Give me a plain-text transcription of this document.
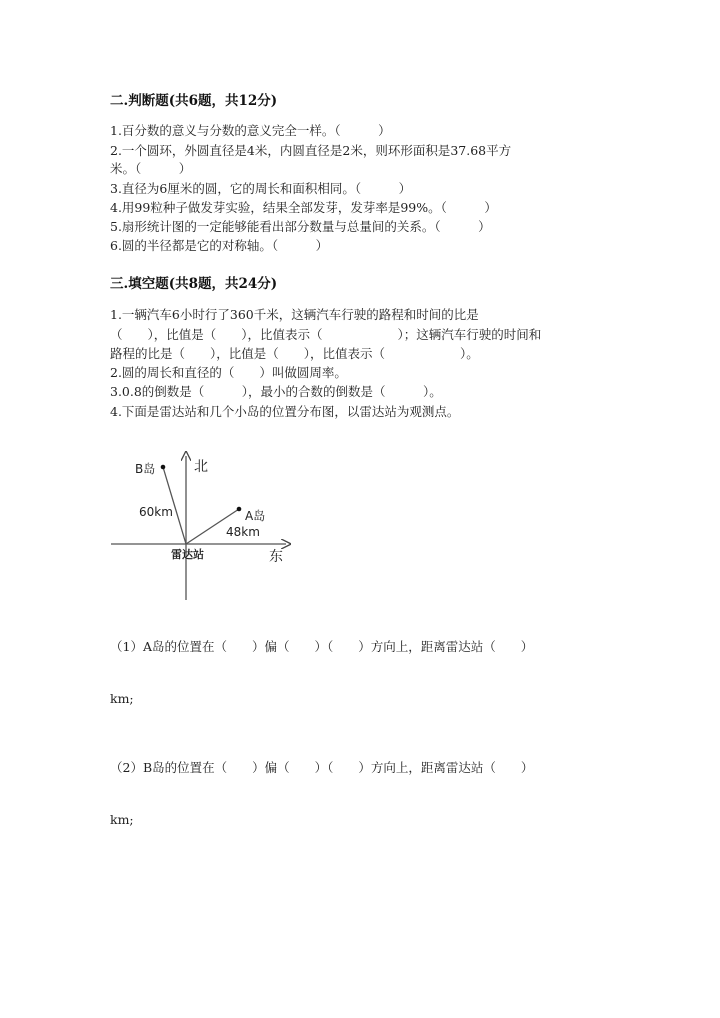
二.判断题(共6题，共12分)
1.百分数的意义与分数的意义完全一样。（　　　）
2.一个圆环，外圆直径是4米，内圆直径是2米，则环形面积是37.68平方
米。（　　　）
3.直径为6厘米的圆，它的周长和面积相同。（　　　）
4.用99粒种子做发芽实验，结果全部发芽，发芽率是99%。（　　　）
5.扇形统计图的一定能够能看出部分数量与总量间的关系。（　　　）
6.圆的半径都是它的对称轴。（　　　）
三.填空题(共8题，共24分)
1.一辆汽车6小时行了360千米，这辆汽车行驶的路程和时间的比是
（　　），比值是（　　），比值表示（　　　　　　）；这辆汽车行驶的时间和
路程的比是（　　），比值是（　　），比值表示（　　　　　　）。
2.圆的周长和直径的（　　）叫做圆周率。
3.0.8的倒数是（　　　），最小的合数的倒数是（　　　）。
4.下面是雷达站和几个小岛的位置分布图，以雷达站为观测点。
北
东
雷达站
B岛
A岛
60km
48km
（1）A岛的位置在（　　）偏（　　）（　　）方向上，距离雷达站（　　）
km;
（2）B岛的位置在（　　）偏（　　）（　　）方向上，距离雷达站（　　）
km;
